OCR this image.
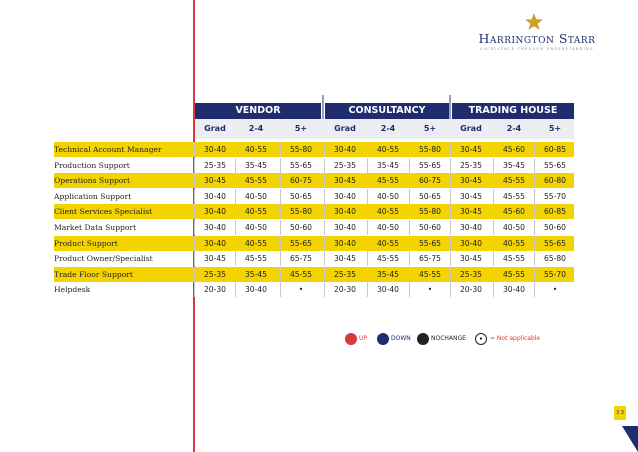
Harrington Starr
EXCELLENCE THROUGH UNDERSTANDING
VENDOR	CONSULTANCY	TRADING HOUSE
Grad	2-4	5+	Grad	2-4	5+	Grad	2-4	5+
Technical Account Manager	30-40	40-55	55-80	30-40	40-55	55-80	30-45	45-60	60-85
Production Support	25-35	35-45	55-65	25-35	35-45	55-65	25-35	35-45	55-65
Operations Support	30-45	45-55	60-75	30-45	45-55	60-75	30-45	45-55	60-80
Application Support	30-40	40-50	50-65	30-40	40-50	50-65	30-45	45-55	55-70
Client Services Specialist	30-40	40-55	55-80	30-40	40-55	55-80	30-45	45-60	60-85
Market Data Support	30-40	40-50	50-60	30-40	40-50	50-60	30-40	40-50	50-60
Product Support	30-40	40-55	55-65	30-40	40-55	55-65	30-40	40-55	55-65
Product Owner/Specialist	30-45	45-55	65-75	30-45	45-55	65-75	30-45	45-55	65-80
Trade Floor Support	25-35	35-45	45-55	25-35	35-45	45-55	25-35	45-55	55-70
Helpdesk	20-30	30-40	•	20-30	30-40	•	20-30	30-40	•
UP	DOWN	NOCHANGE	•	= Not applicable
3 3
